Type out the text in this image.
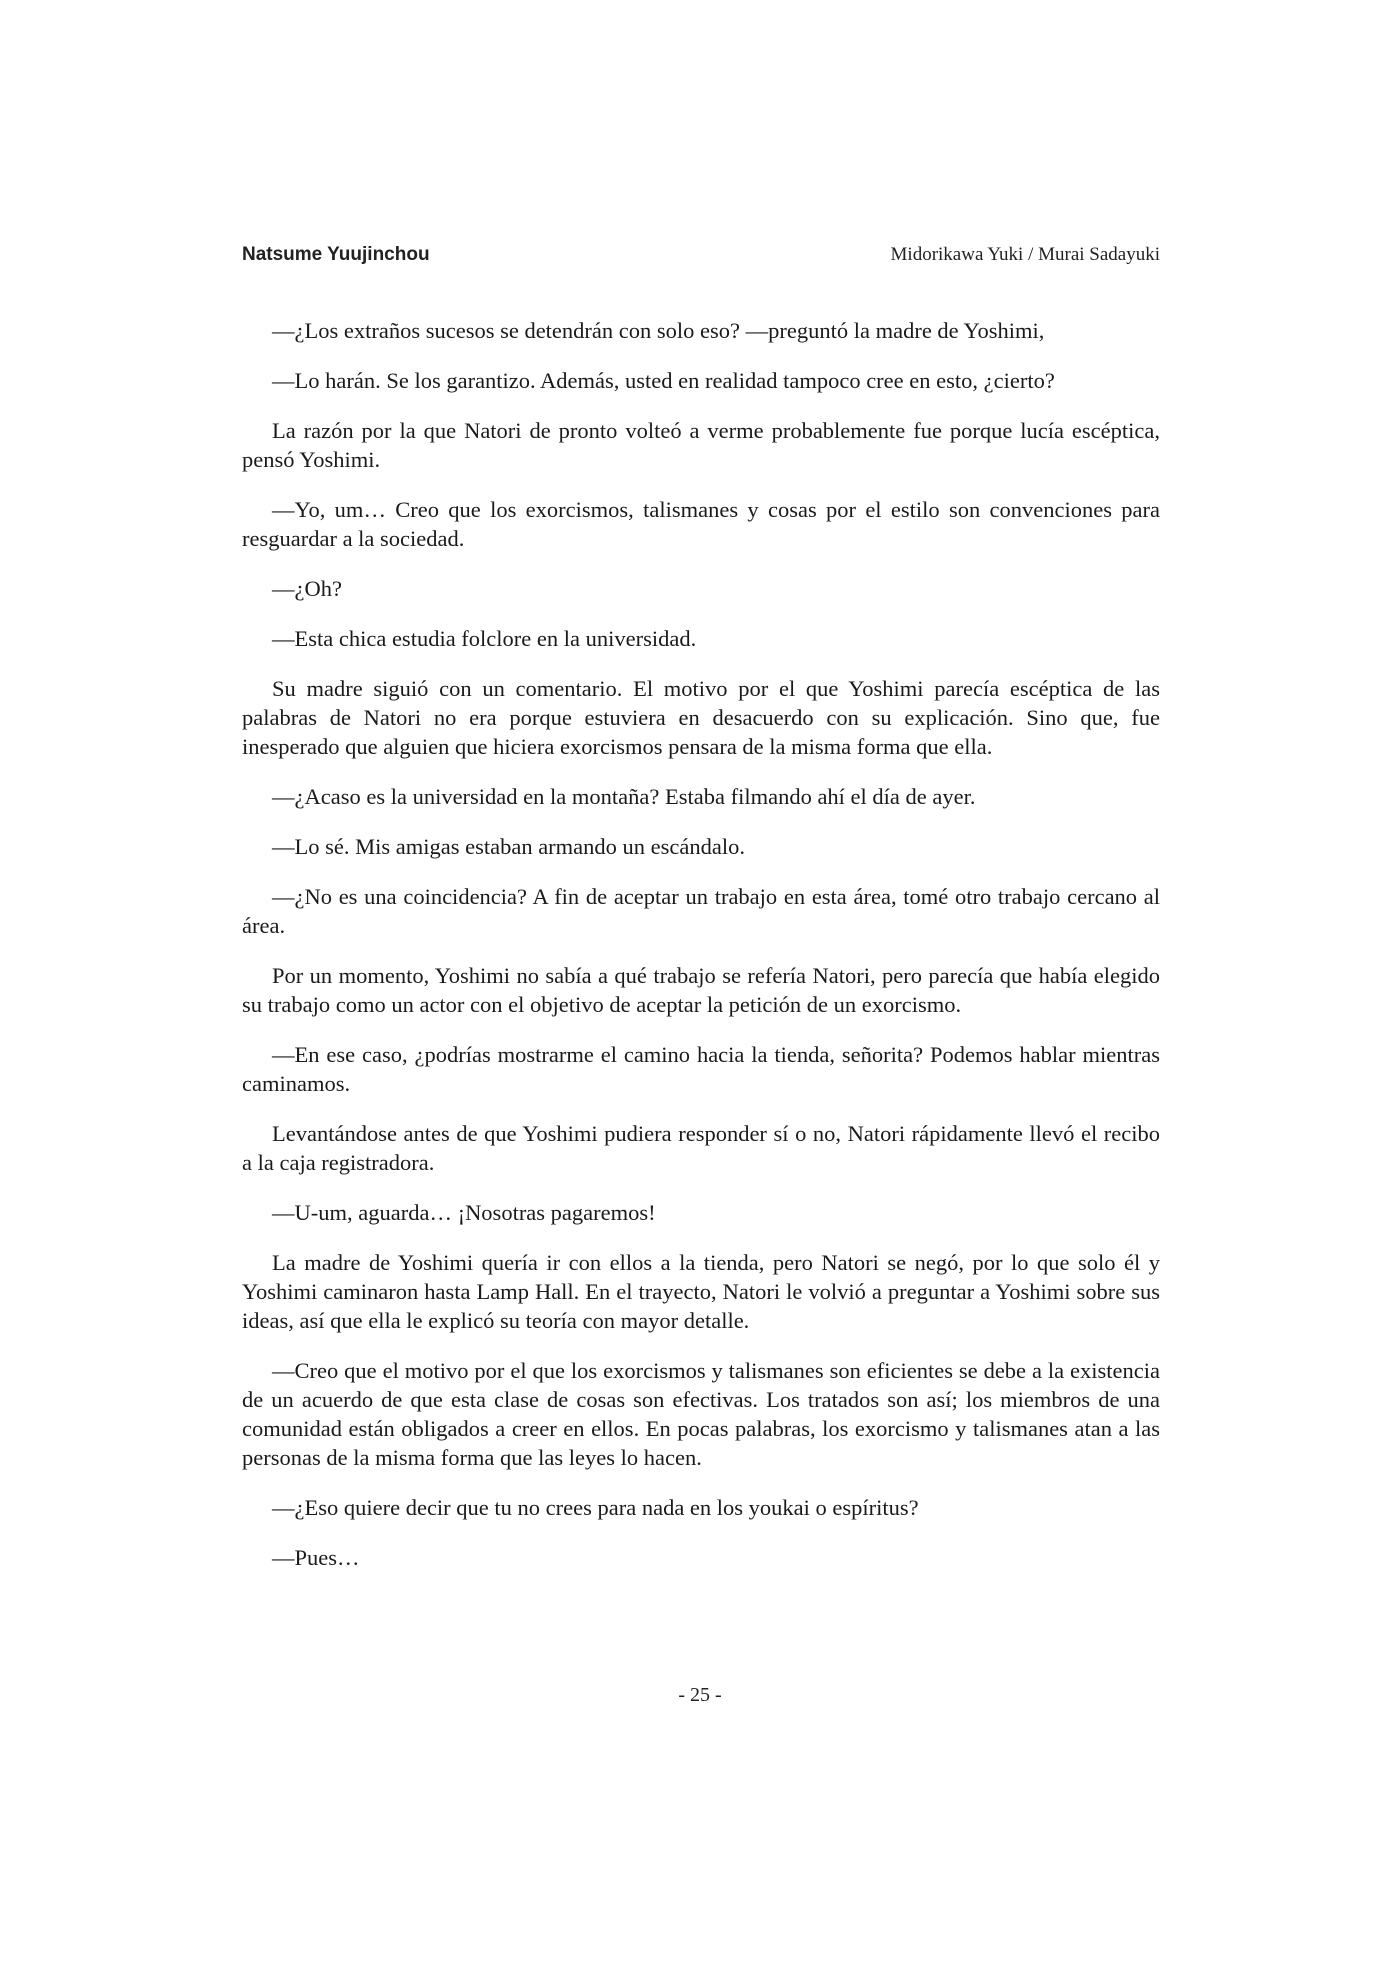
Natsume Yuujinchou	Midorikawa Yuki / Murai Sadayuki

—¿Los extraños sucesos se detendrán con solo eso? —preguntó la madre de Yoshimi,

—Lo harán. Se los garantizo. Además, usted en realidad tampoco cree en esto, ¿cierto?

La razón por la que Natori de pronto volteó a verme probablemente fue porque lucía escéptica, pensó Yoshimi.

—Yo, um… Creo que los exorcismos, talismanes y cosas por el estilo son convenciones para resguardar a la sociedad.

—¿Oh?

—Esta chica estudia folclore en la universidad.

Su madre siguió con un comentario. El motivo por el que Yoshimi parecía escéptica de las palabras de Natori no era porque estuviera en desacuerdo con su explicación. Sino que, fue inesperado que alguien que hiciera exorcismos pensara de la misma forma que ella.

—¿Acaso es la universidad en la montaña? Estaba filmando ahí el día de ayer.

—Lo sé. Mis amigas estaban armando un escándalo.

—¿No es una coincidencia? A fin de aceptar un trabajo en esta área, tomé otro trabajo cercano al área.

Por un momento, Yoshimi no sabía a qué trabajo se refería Natori, pero parecía que había elegido su trabajo como un actor con el objetivo de aceptar la petición de un exorcismo.

—En ese caso, ¿podrías mostrarme el camino hacia la tienda, señorita? Podemos hablar mientras caminamos.

Levantándose antes de que Yoshimi pudiera responder sí o no, Natori rápidamente llevó el recibo a la caja registradora.

—U-um, aguarda… ¡Nosotras pagaremos!

La madre de Yoshimi quería ir con ellos a la tienda, pero Natori se negó, por lo que solo él y Yoshimi caminaron hasta Lamp Hall. En el trayecto, Natori le volvió a preguntar a Yoshimi sobre sus ideas, así que ella le explicó su teoría con mayor detalle.

—Creo que el motivo por el que los exorcismos y talismanes son eficientes se debe a la existencia de un acuerdo de que esta clase de cosas son efectivas. Los tratados son así; los miembros de una comunidad están obligados a creer en ellos. En pocas palabras, los exorcismo y talismanes atan a las personas de la misma forma que las leyes lo hacen.

—¿Eso quiere decir que tu no crees para nada en los youkai o espíritus?

—Pues…

- 25 -
